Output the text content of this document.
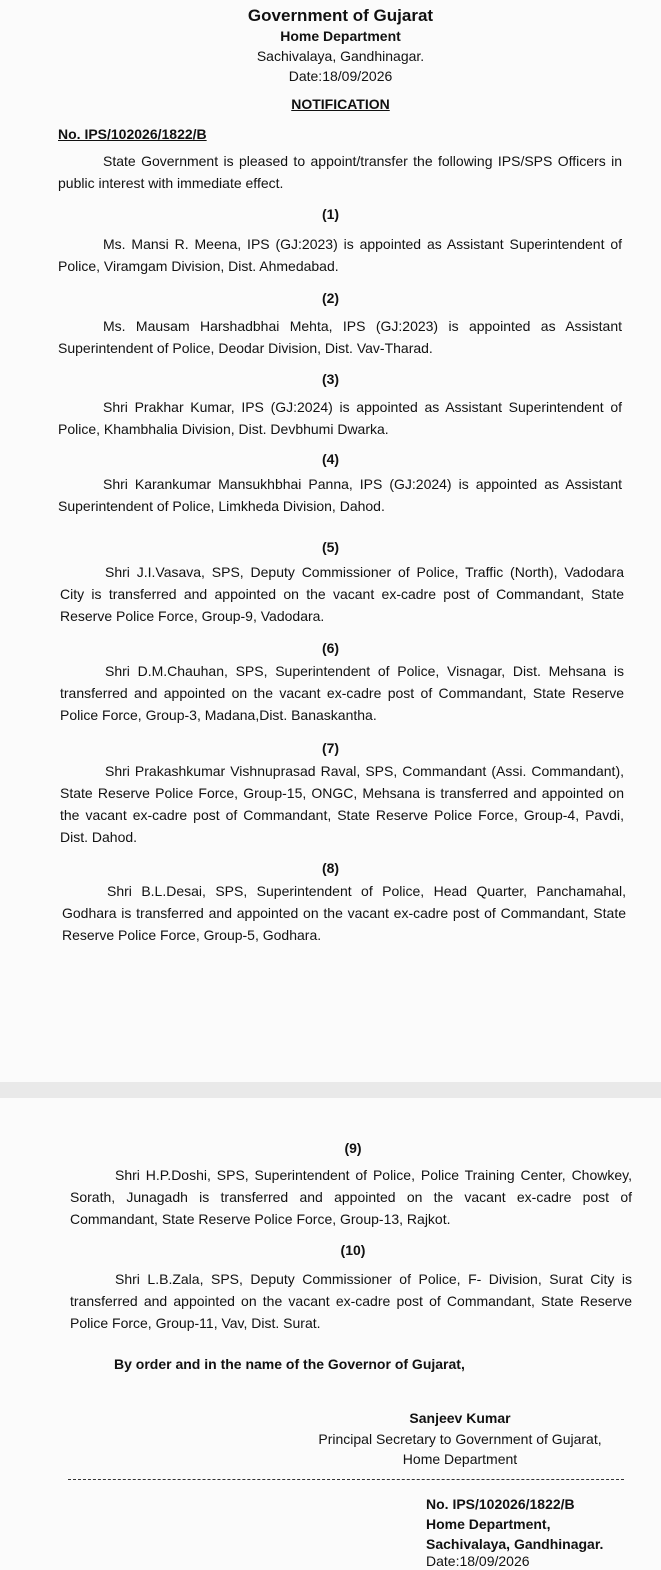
Government of Gujarat
Home Department
Sachivalaya, Gandhinagar.
Date:18/09/2026
NOTIFICATION
No. IPS/102026/1822/B
State Government is pleased to appoint/transfer the following IPS/SPS Officers in public interest with immediate effect.
(1)
Ms. Mansi R. Meena, IPS (GJ:2023) is appointed as Assistant Superintendent of Police, Viramgam Division, Dist. Ahmedabad.
(2)
Ms. Mausam Harshadbhai Mehta, IPS (GJ:2023) is appointed as Assistant Superintendent of Police, Deodar Division, Dist. Vav-Tharad.
(3)
Shri Prakhar Kumar, IPS (GJ:2024) is appointed as Assistant Superintendent of Police, Khambhalia Division, Dist. Devbhumi Dwarka.
(4)
Shri Karankumar Mansukhbhai Panna, IPS (GJ:2024) is appointed as Assistant Superintendent of Police, Limkheda Division, Dahod.
(5)
Shri J.I.Vasava, SPS, Deputy Commissioner of Police, Traffic (North), Vadodara City is transferred and appointed on the vacant ex-cadre post of Commandant, State Reserve Police Force, Group-9, Vadodara.
(6)
Shri D.M.Chauhan, SPS, Superintendent of Police, Visnagar, Dist. Mehsana is transferred and appointed on the vacant ex-cadre post of Commandant, State Reserve Police Force, Group-3, Madana,Dist. Banaskantha.
(7)
Shri Prakashkumar Vishnuprasad Raval, SPS, Commandant (Assi. Commandant), State Reserve Police Force, Group-15, ONGC, Mehsana is transferred and appointed on the vacant ex-cadre post of Commandant, State Reserve Police Force, Group-4, Pavdi, Dist. Dahod.
(8)
Shri B.L.Desai, SPS, Superintendent of Police, Head Quarter, Panchamahal, Godhara is transferred and appointed on the vacant ex-cadre post of Commandant, State Reserve Police Force, Group-5, Godhara.
(9)
Shri H.P.Doshi, SPS, Superintendent of Police, Police Training Center, Chowkey, Sorath, Junagadh is transferred and appointed on the vacant ex-cadre post of Commandant, State Reserve Police Force, Group-13, Rajkot.
(10)
Shri L.B.Zala, SPS, Deputy Commissioner of Police, F- Division, Surat City is transferred and appointed on the vacant ex-cadre post of Commandant, State Reserve Police Force, Group-11, Vav, Dist. Surat.
By order and in the name of the Governor of Gujarat,
Sanjeev Kumar
Principal Secretary to Government of Gujarat,
Home Department
No. IPS/102026/1822/B
Home Department,
Sachivalaya, Gandhinagar.
Date:18/09/2026
